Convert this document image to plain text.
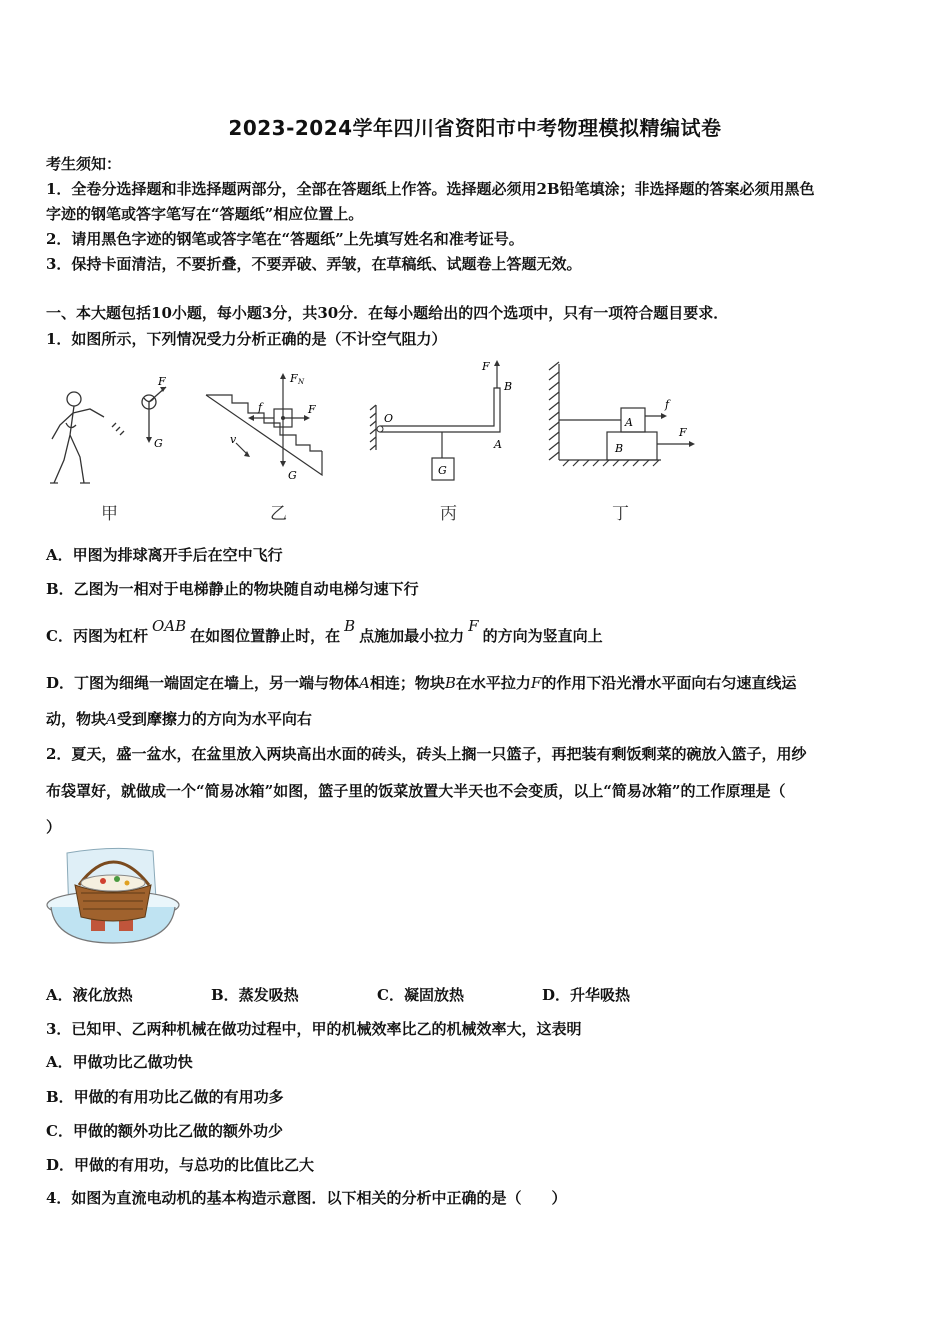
2023-2024学年四川省资阳市中考物理模拟精编试卷
考生须知：
1．全卷分选择题和非选择题两部分，全部在答题纸上作答。选择题必须用2B铅笔填涂；非选择题的答案必须用黑色
字迹的钢笔或答字笔写在“答题纸”相应位置上。
2．请用黑色字迹的钢笔或答字笔在“答题纸”上先填写姓名和准考证号。
3．保持卡面清洁，不要折叠，不要弄破、弄皱，在草稿纸、试题卷上答题无效。
一、本大题包括10小题，每小题3分，共30分．在每小题给出的四个选项中，只有一项符合题目要求．
1．如图所示，下列情况受力分析正确的是（不计空气阻力）
F
G
甲
F N
F
f
G
v
乙
O
A
B
F
G
丙
A
B
f
F
丁
A．甲图为排球离开手后在空中飞行
B．乙图为一相对于电梯静止的物块随自动电梯匀速下行
C．丙图为杠杆OAB在如图位置静止时，在B点施加最小拉力F的方向为竖直向上
D．丁图为细绳一端固定在墙上，另一端与物体A相连；物块B在水平拉力F的作用下沿光滑水平面向右匀速直线运
动，物块A受到摩擦力的方向为水平向右
2．夏天，盛一盆水，在盆里放入两块高出水面的砖头，砖头上搁一只篮子，再把装有剩饭剩菜的碗放入篮子，用纱
布袋罩好，就做成一个“简易冰箱”如图，篮子里的饭菜放置大半天也不会变质，以上“简易冰箱”的工作原理是（
）
A．液化放热	B．蒸发吸热	C．凝固放热	D．升华吸热
3．已知甲、乙两种机械在做功过程中，甲的机械效率比乙的机械效率大，这表明
A．甲做功比乙做功快
B．甲做的有用功比乙做的有用功多
C．甲做的额外功比乙做的额外功少
D．甲做的有用功，与总功的比值比乙大
4．如图为直流电动机的基本构造示意图．以下相关的分析中正确的是（　　）
